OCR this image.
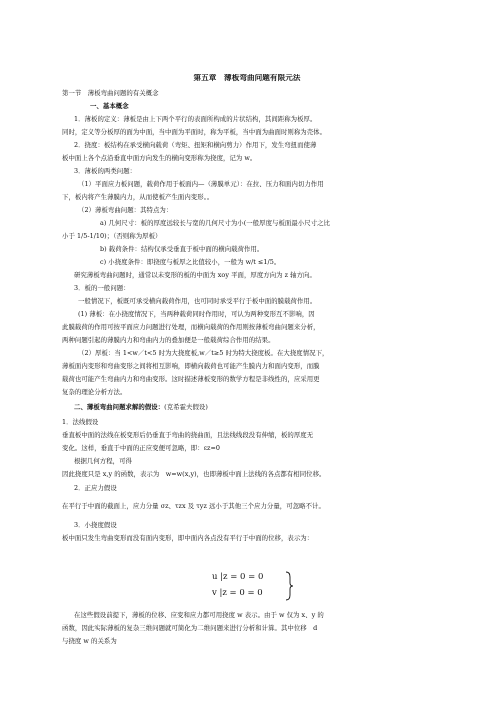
第五章　薄板弯曲问题有限元法
第一节　薄板弯曲问题的有关概念
一、基本概念
1．薄板的定义：薄板是由上下两个平行的表面所构成的片状结构，其间距称为板厚。
同时，定义等分板厚的面为中面，当中面为平面时，称为平板，当中面为曲面时则称为壳体。
2．挠度：板结构在承受横向载荷（弯矩、扭矩和横向剪力）作用下，发生弯扭而使薄
板中面上各个点沿垂直中面方向发生的横向变形称为挠度，记为 w。
3．薄板的两类问题：
（1）平面应力板问题，载荷作用于板面内—（薄膜单元）：在拉、压力和面内切力作用
下，板内将产生薄膜内力，从而使板产生面内变形。。
（2）薄板弯曲问题：其特点为：
a) 几何尺寸：板的厚度远较长与宽的几何尺寸为小(一般厚度与板面最小尺寸之比
小于 1/5-1/10)；（否则称为厚板）
b) 载荷条件：结构仅承受垂直于板中面的横向载荷作用。
c) 小挠度条件：即挠度与板厚之比值较小，一般为 w/t ≤1/5。
研究薄板弯曲问题时，通常以未变形的板的中面为 xoy 平面，厚度方向为 z 轴方向。
3．板的一般问题：
一般情况下，板既可承受横向载荷作用，也可同时承受平行于板中面的膜载荷作用。
(1) 薄板：在小挠度情况下，当两种载荷同时作用时，可认为两种变形互不影响，因
此膜载荷的作用可按平面应力问题进行处理，而横向载荷的作用则按薄板弯曲问题来分析，
两种问题引起的薄膜内力和弯曲内力的叠加便是一般载荷综合作用的结果。
（2）厚板：当 1<w／t<5 时为大挠度板,w／t≥5 时为特大挠度板。在大挠度情况下，
薄板面内变形和弯曲变形之间将相互影响，即横向载荷也可能产生膜内力和面内变形，而膜
载荷也可能产生弯曲内力和弯曲变形。这时描述薄板变形的数学方程是非线性的，应采用更
复杂的理论分析方法。
二、薄板弯曲问题求解的假设：(克希霍夫假设)
1．法线假设
垂直板中面的法线在板变形后仍垂直于弯曲的挠曲面，且法线线段没有伸缩，板的厚度无
变化。这样，垂直于中面的正应变便可忽略，即：εz=0
根据几何方程，可得
因此挠度只是 x,y 的函数，表示为　w=w(x,y)，也即薄板中面上法线的各点都有相同位移。
2．正应力假设
在平行于中面的截面上，应力分量 σz、τzx 及 τyz 远小于其他三个应力分量，可忽略不计。
3．小挠度假设
板中面只发生弯曲变形而没有面内变形，即中面内各点没有平行于中面的位移，表示为：
u |z = 0 = 0
v |z = 0 = 0
在这些假设前提下，薄板的位移、应变和应力都可用挠度 w 表示。由于 w 仅为 x、y 的
函数，因此实际薄板的复杂三维问题就可简化为二维问题来进行分析和计算。其中位移　d
与挠度 w 的关系为
